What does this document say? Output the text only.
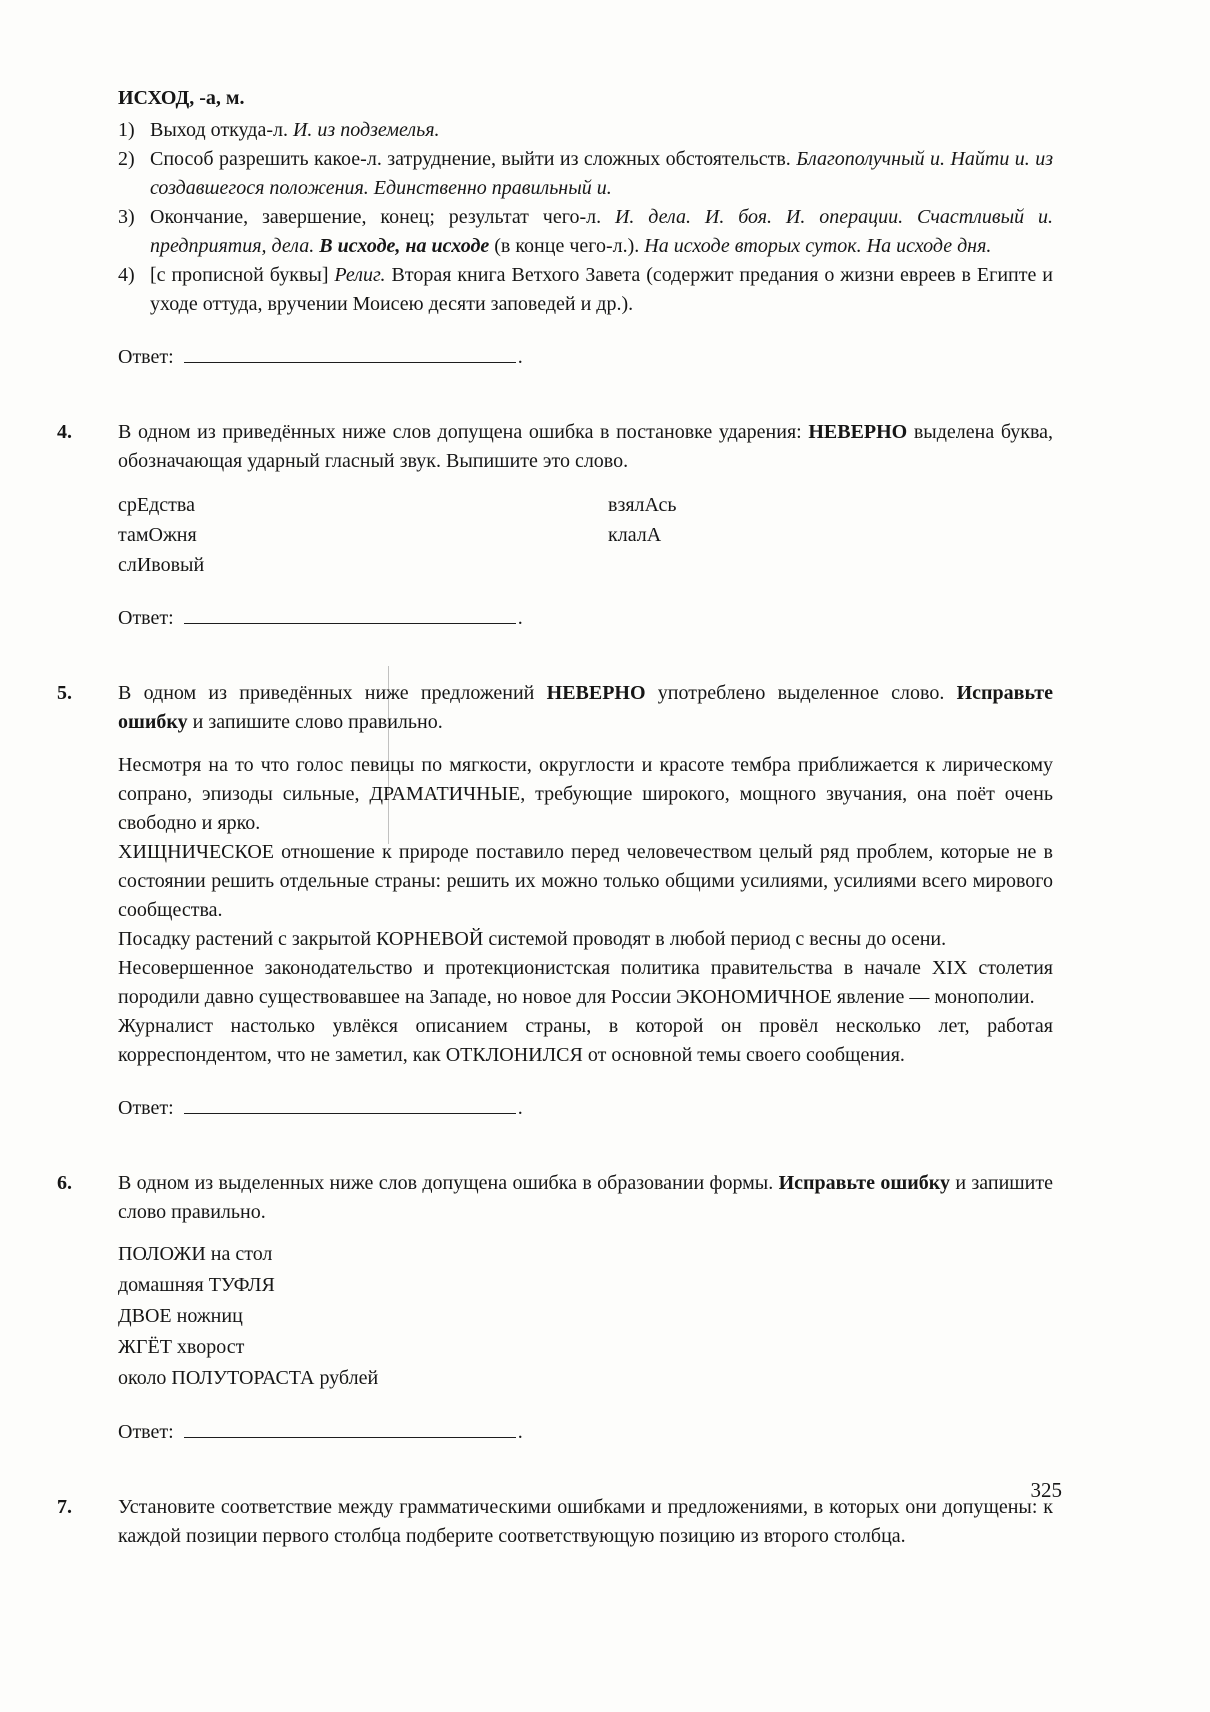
ИСХОД, -а, м.
1) Выход откуда-л. И. из подземелья.
2) Способ разрешить какое-л. затруднение, выйти из сложных обстоятельств. Благополучный и. Найти и. из создавшегося положения. Единственно правильный и.
3) Окончание, завершение, конец; результат чего-л. И. дела. И. боя. И. операции. Счастливый и. предприятия, дела. В исходе, на исходе (в конце чего-л.). На исходе вторых суток. На исходе дня.
4) [с прописной буквы] Религ. Вторая книга Ветхого Завета (содержит предания о жизни евреев в Египте и уходе оттуда, вручении Моисею десяти заповедей и др.).
Ответ:	.
4.	В одном из приведённых ниже слов допущена ошибка в постановке ударения: НЕВЕРНО выделена буква, обозначающая ударный гласный звук. Выпишите это слово.

срЕдства	взялАсь
тамОжня	клалА
слИвовый
Ответ:	.
5.	В одном из приведённых ниже предложений НЕВЕРНО употреблено выделенное слово. Исправьте ошибку и запишите слово правильно.

Несмотря на то что голос певицы по мягкости, округлости и красоте тембра приближается к лирическому сопрано, эпизоды сильные, ДРАМАТИЧНЫЕ, требующие широкого, мощного звучания, она поёт очень свободно и ярко.

ХИЩНИЧЕСКОЕ отношение к природе поставило перед человечеством целый ряд проблем, которые не в состоянии решить отдельные страны: решить их можно только общими усилиями, усилиями всего мирового сообщества.

Посадку растений с закрытой КОРНЕВОЙ системой проводят в любой период с весны до осени.

Несовершенное законодательство и протекционистская политика правительства в начале XIX столетия породили давно существовавшее на Западе, но новое для России ЭКОНОМИЧНОЕ явление — монополии.

Журналист настолько увлёкся описанием страны, в которой он провёл несколько лет, работая корреспондентом, что не заметил, как ОТКЛОНИЛСЯ от основной темы своего сообщения.

Ответ:	.
6.	В одном из выделенных ниже слов допущена ошибка в образовании формы. Исправьте ошибку и запишите слово правильно.

ПОЛОЖИ на стол

домашняя ТУФЛЯ

ДВОЕ ножниц

ЖГЁТ хворост

около ПОЛУТОРАСТА рублей

Ответ:	.
7.	Установите соответствие между грамматическими ошибками и предложениями, в которых они допущены: к каждой позиции первого столбца подберите соответствующую позицию из второго столбца.

325
